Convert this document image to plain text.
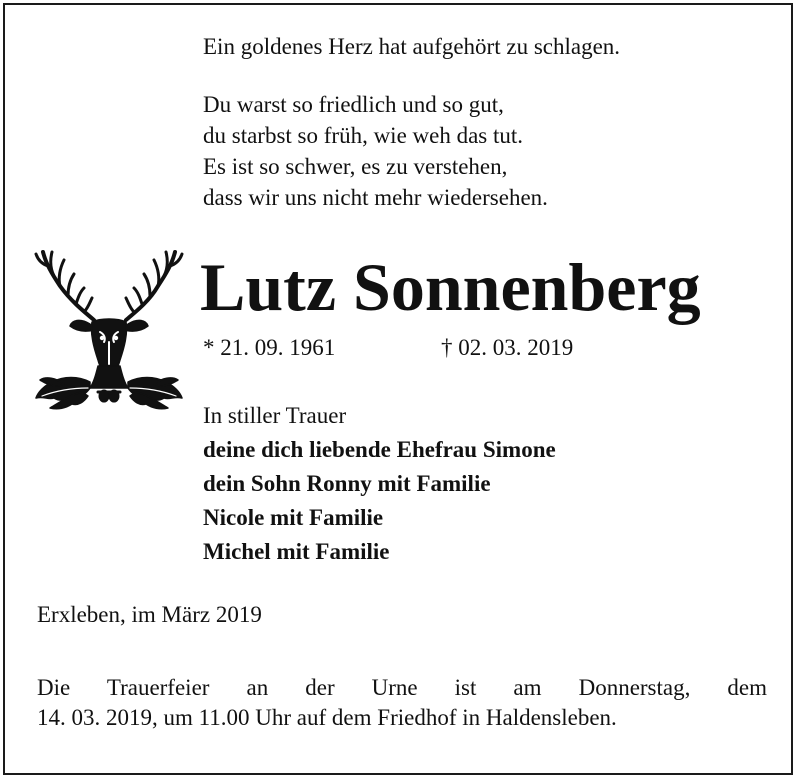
Ein goldenes Herz hat aufgehört zu schlagen.
Du warst so friedlich und so gut,
du starbst so früh, wie weh das tut.
Es ist so schwer, es zu verstehen,
dass wir uns nicht mehr wiedersehen.
Lutz Sonnenberg
* 21. 09. 1961	† 02. 03. 2019
In stiller Trauer
deine dich liebende Ehefrau Simone
dein Sohn Ronny mit Familie
Nicole mit Familie
Michel mit Familie
Erxleben, im März 2019
Die Trauerfeier an der Urne ist am Donnerstag, dem
14. 03. 2019, um 11.00 Uhr auf dem Friedhof in Haldensleben.
